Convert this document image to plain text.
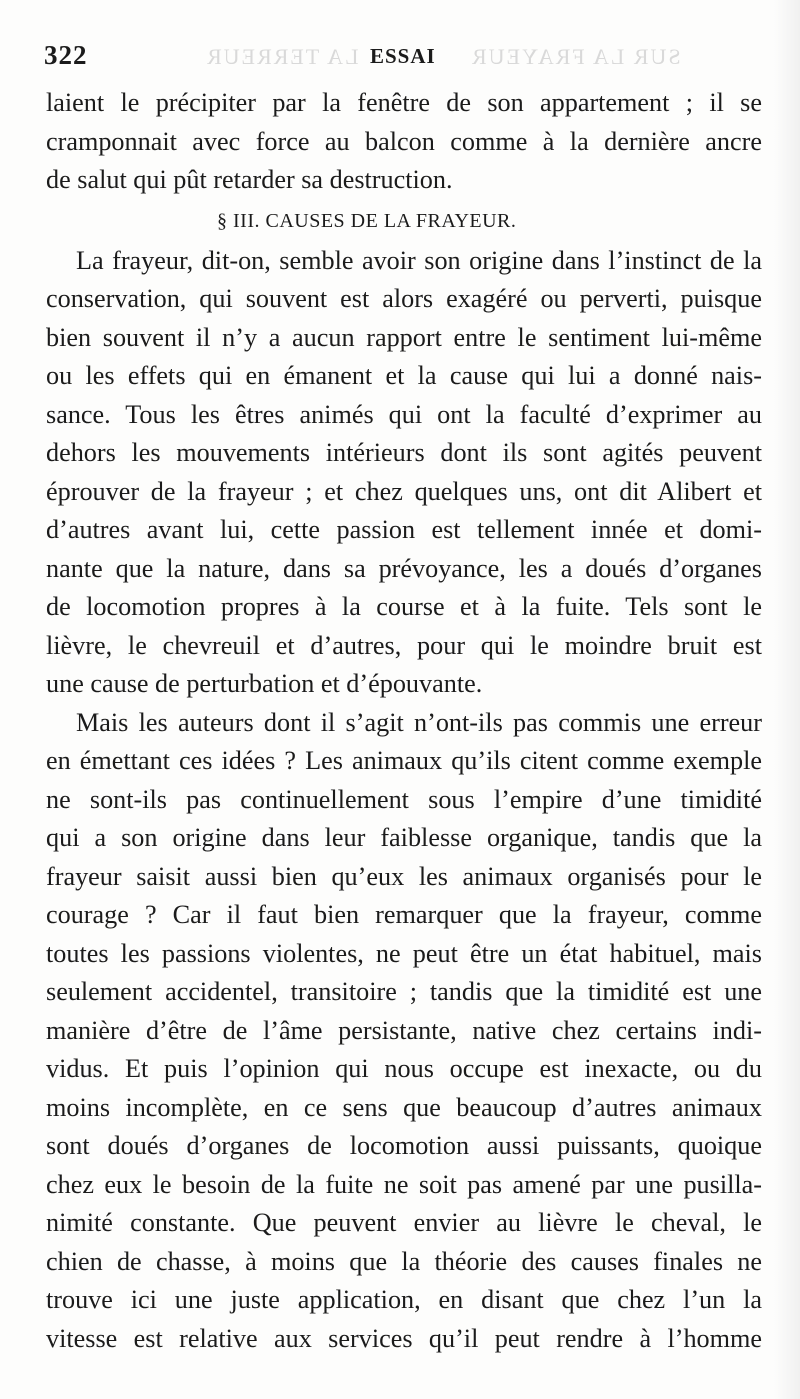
LA TERREUR	SUR LA FRAYEUR
322	ESSAI
laient le précipiter par la fenêtre de son appartement ; il se
cramponnait avec force au balcon comme à la dernière ancre
de salut qui pût retarder sa destruction.
§ III. CAUSES DE LA FRAYEUR.
La frayeur, dit-on, semble avoir son origine dans l’instinct de la
conservation, qui souvent est alors exagéré ou perverti, puisque
bien souvent il n’y a aucun rapport entre le sentiment lui-même
ou les effets qui en émanent et la cause qui lui a donné nais-
sance. Tous les êtres animés qui ont la faculté d’exprimer au
dehors les mouvements intérieurs dont ils sont agités peuvent
éprouver de la frayeur ; et chez quelques uns, ont dit Alibert et
d’autres avant lui, cette passion est tellement innée et domi-
nante que la nature, dans sa prévoyance, les a doués d’organes
de locomotion propres à la course et à la fuite. Tels sont le
lièvre, le chevreuil et d’autres, pour qui le moindre bruit est
une cause de perturbation et d’épouvante.
Mais les auteurs dont il s’agit n’ont-ils pas commis une erreur
en émettant ces idées ? Les animaux qu’ils citent comme exemple
ne sont-ils pas continuellement sous l’empire d’une timidité
qui a son origine dans leur faiblesse organique, tandis que la
frayeur saisit aussi bien qu’eux les animaux organisés pour le
courage ? Car il faut bien remarquer que la frayeur, comme
toutes les passions violentes, ne peut être un état habituel, mais
seulement accidentel, transitoire ; tandis que la timidité est une
manière d’être de l’âme persistante, native chez certains indi-
vidus. Et puis l’opinion qui nous occupe est inexacte, ou du
moins incomplète, en ce sens que beaucoup d’autres animaux
sont doués d’organes de locomotion aussi puissants, quoique
chez eux le besoin de la fuite ne soit pas amené par une pusilla-
nimité constante. Que peuvent envier au lièvre le cheval, le
chien de chasse, à moins que la théorie des causes finales ne
trouve ici une juste application, en disant que chez l’un la
vitesse est relative aux services qu’il peut rendre à l’homme
